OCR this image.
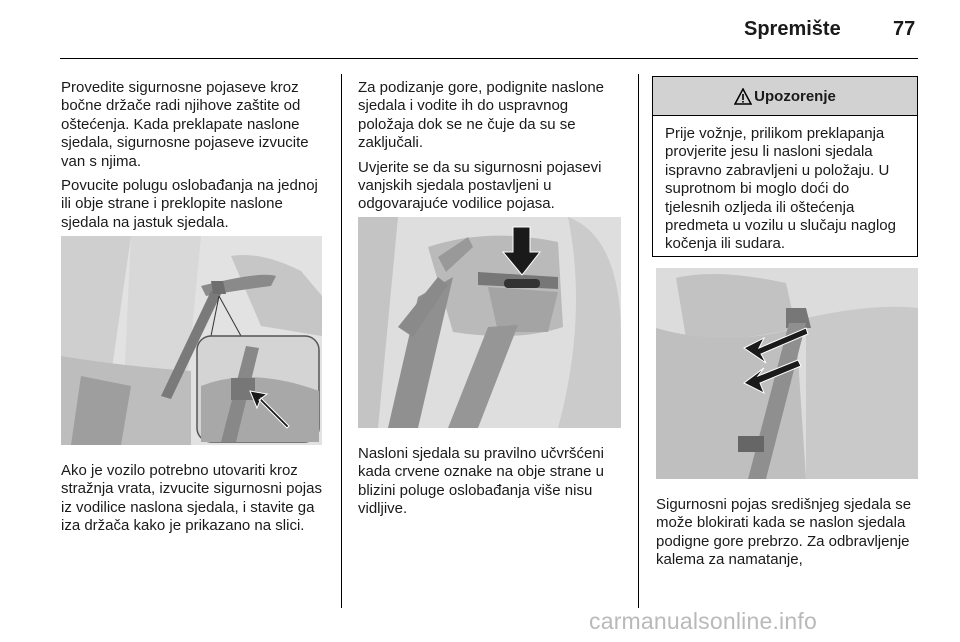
Spremište	77

Provedite sigurnosne pojaseve kroz bočne držače radi njihove zaštite od oštećenja. Kada preklapate naslone sjedala, sigurnosne pojaseve izvucite van s njima.

Povucite polugu oslobađanja na jednoj ili obje strane i preklopite naslone sjedala na jastuk sjedala.

Ako je vozilo potrebno utovariti kroz stražnja vrata, izvucite sigurnosni pojas iz vodilice naslona sjedala, i stavite ga iza držača kako je prikazano na slici.

Za podizanje gore, podignite naslone sjedala i vodite ih do uspravnog položaja dok se ne čuje da su se zaključali.

Uvjerite se da su sigurnosni pojasevi vanjskih sjedala postavljeni u odgovarajuće vodilice pojasa.

Nasloni sjedala su pravilno učvršćeni kada crvene oznake na obje strane u blizini poluge oslobađanja više nisu vidljive.

Upozorenje
Prije vožnje, prilikom preklapanja provjerite jesu li nasloni sjedala ispravno zabravljeni u položaju. U suprotnom bi moglo doći do tjelesnih ozljeda ili oštećenja predmeta u vozilu u slučaju naglog kočenja ili sudara.

Sigurnosni pojas središnjeg sjedala se može blokirati kada se naslon sjedala podigne gore prebrzo. Za odbravljenje kalema za namatanje,

carmanualsonline.info
